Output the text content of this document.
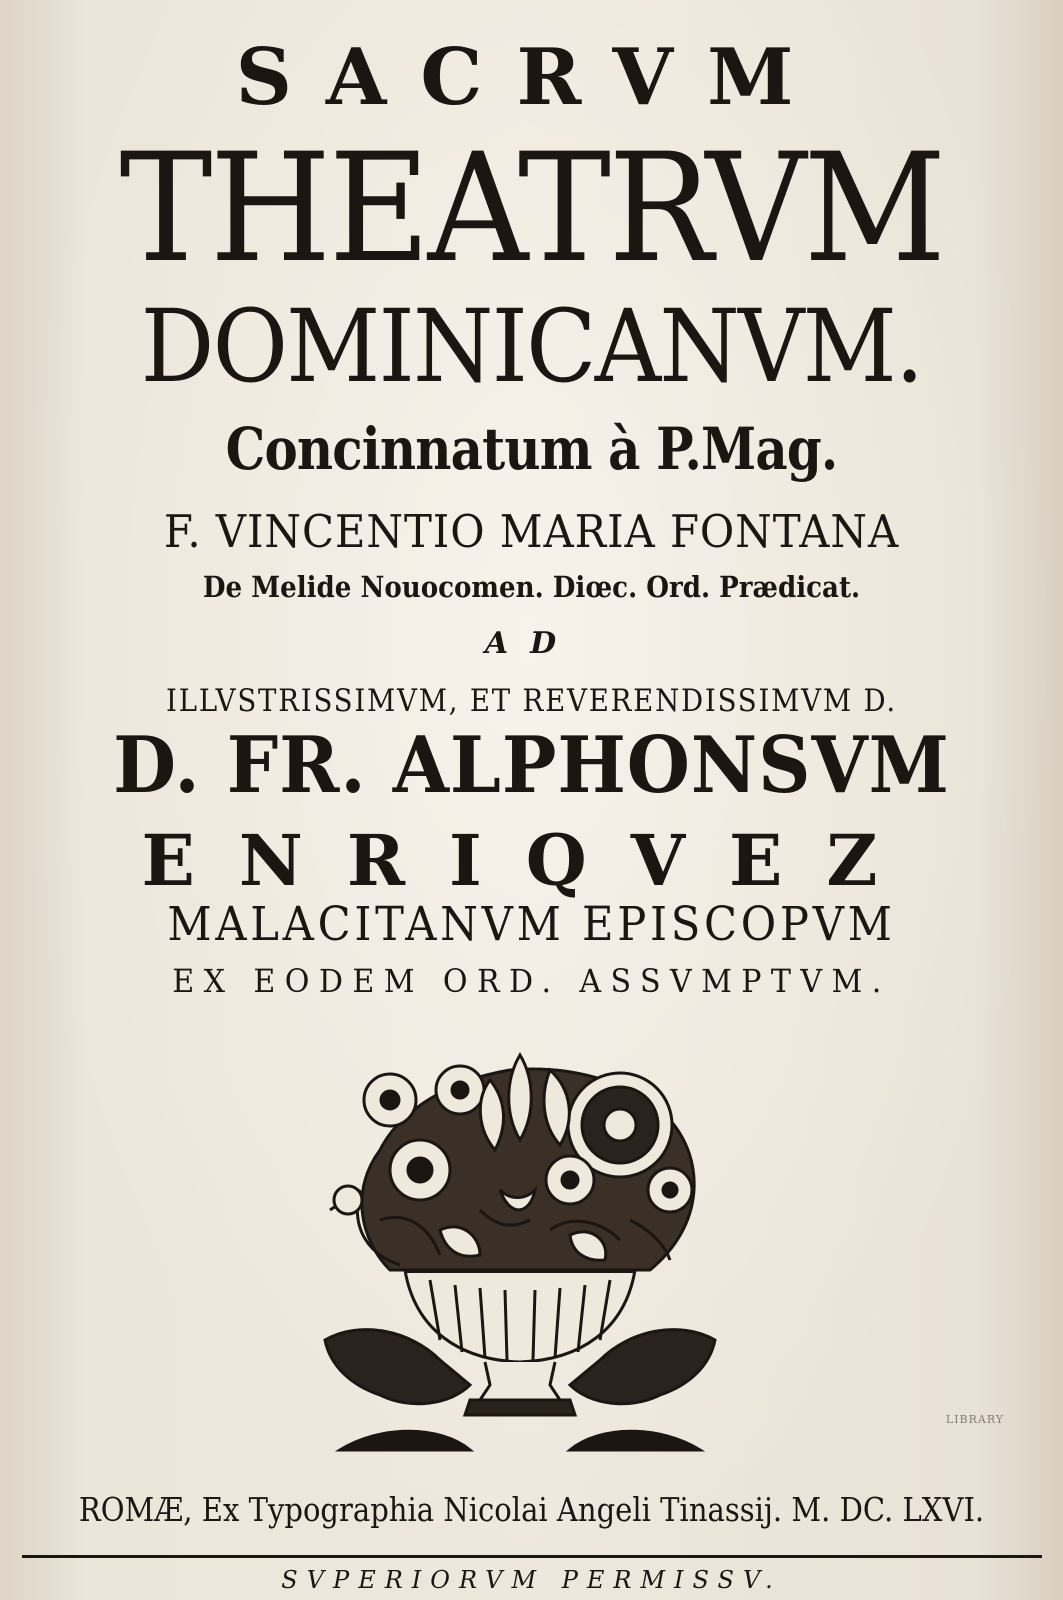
SACRVM

THEATRVM

DOMINICANVM.

Concinnatum à P.Mag.

F. VINCENTIO MARIA FONTANA

De Melide Nouocomen. Diœc. Ord. Prædicat.

AD

ILLVSTRISSIMVM, ET REVERENDISSIMVM D.

D. FR. ALPHONSVM

ENRIQVEZ

MALACITANVM EPISCOPVM

EX EODEM ORD. ASSVMPTVM.

LIBRARY

ROMÆ, Ex Typographia Nicolai Angeli Tinassij. M. DC. LXVI.

SVPERIORVM PERMISSV.
